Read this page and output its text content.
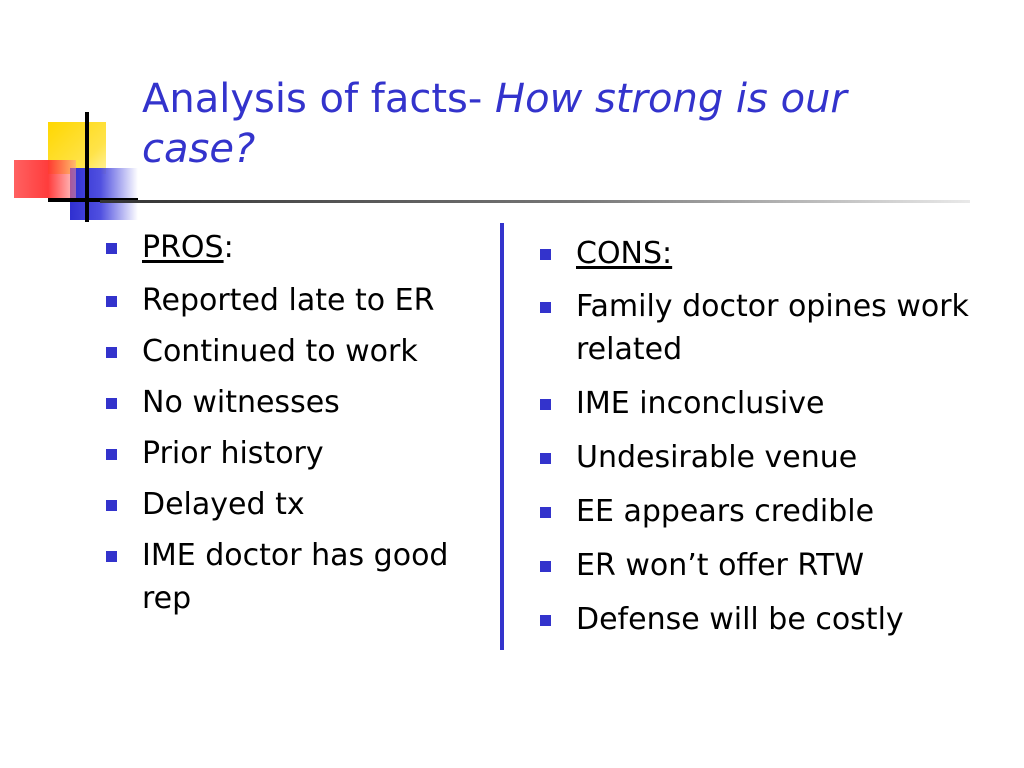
Analysis of facts- How strong is our case?
PROS:
Reported late to ER
Continued to work
No witnesses
Prior history
Delayed tx
IME doctor has good rep
CONS:
Family doctor opines work related
IME inconclusive
Undesirable venue
EE appears credible
ER won’t offer RTW
Defense will be costly
